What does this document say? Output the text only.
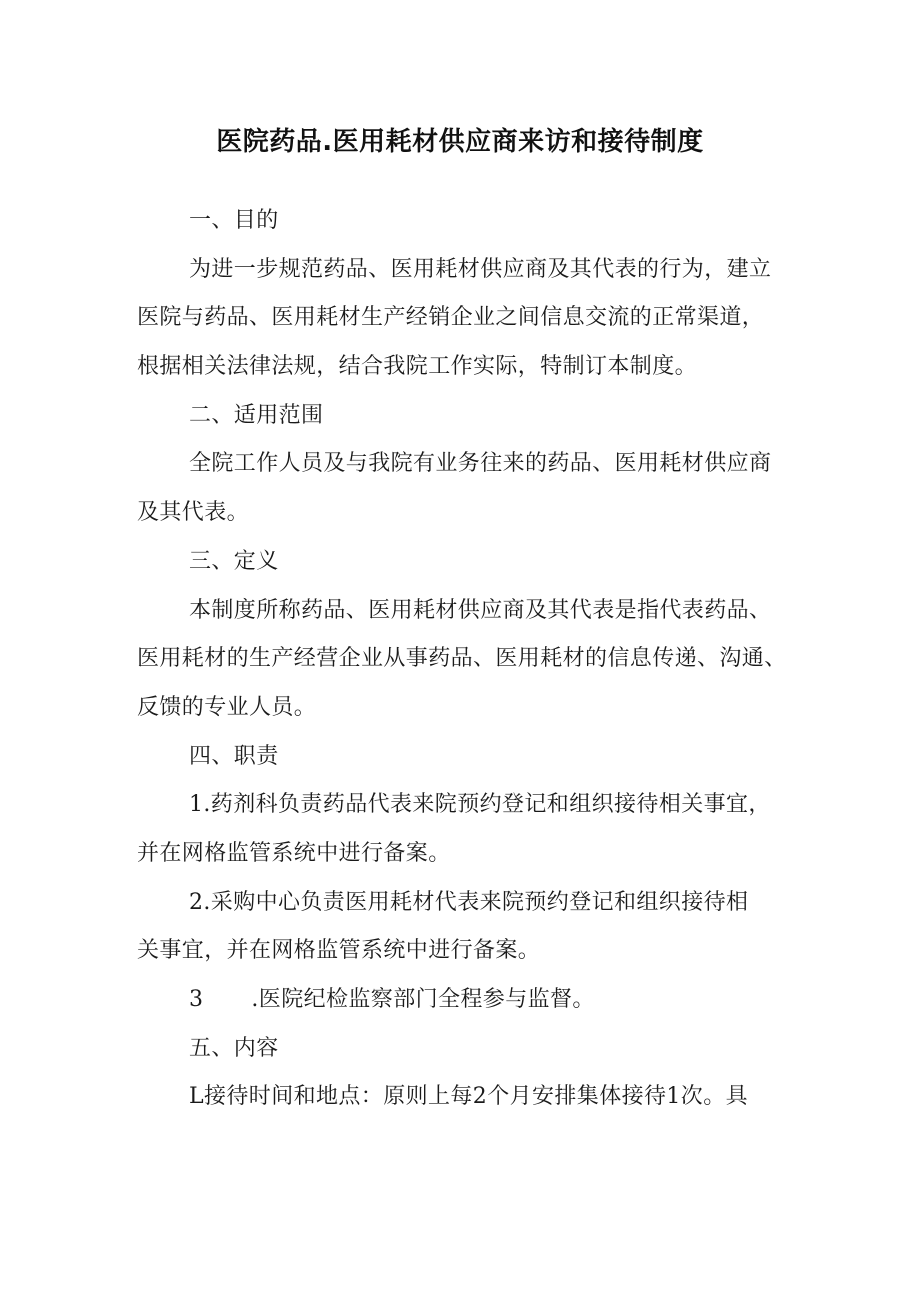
医院药品.医用耗材供应商来访和接待制度
一、目的
为进一步规范药品、医用耗材供应商及其代表的行为，建立
医院与药品、医用耗材生产经销企业之间信息交流的正常渠道，
根据相关法律法规，结合我院工作实际，特制订本制度。
二、适用范围
全院工作人员及与我院有业务往来的药品、医用耗材供应商
及其代表。
三、定义
本制度所称药品、医用耗材供应商及其代表是指代表药品、
医用耗材的生产经营企业从事药品、医用耗材的信息传递、沟通、
反馈的专业人员。
四、职责
1.药剂科负责药品代表来院预约登记和组织接待相关事宜，
并在网格监管系统中进行备案。
2.采购中心负责医用耗材代表来院预约登记和组织接待相
关事宜，并在网格监管系统中进行备案。
3 .医院纪检监察部门全程参与监督。
五、内容
L接待时间和地点：原则上每2个月安排集体接待1次。具
